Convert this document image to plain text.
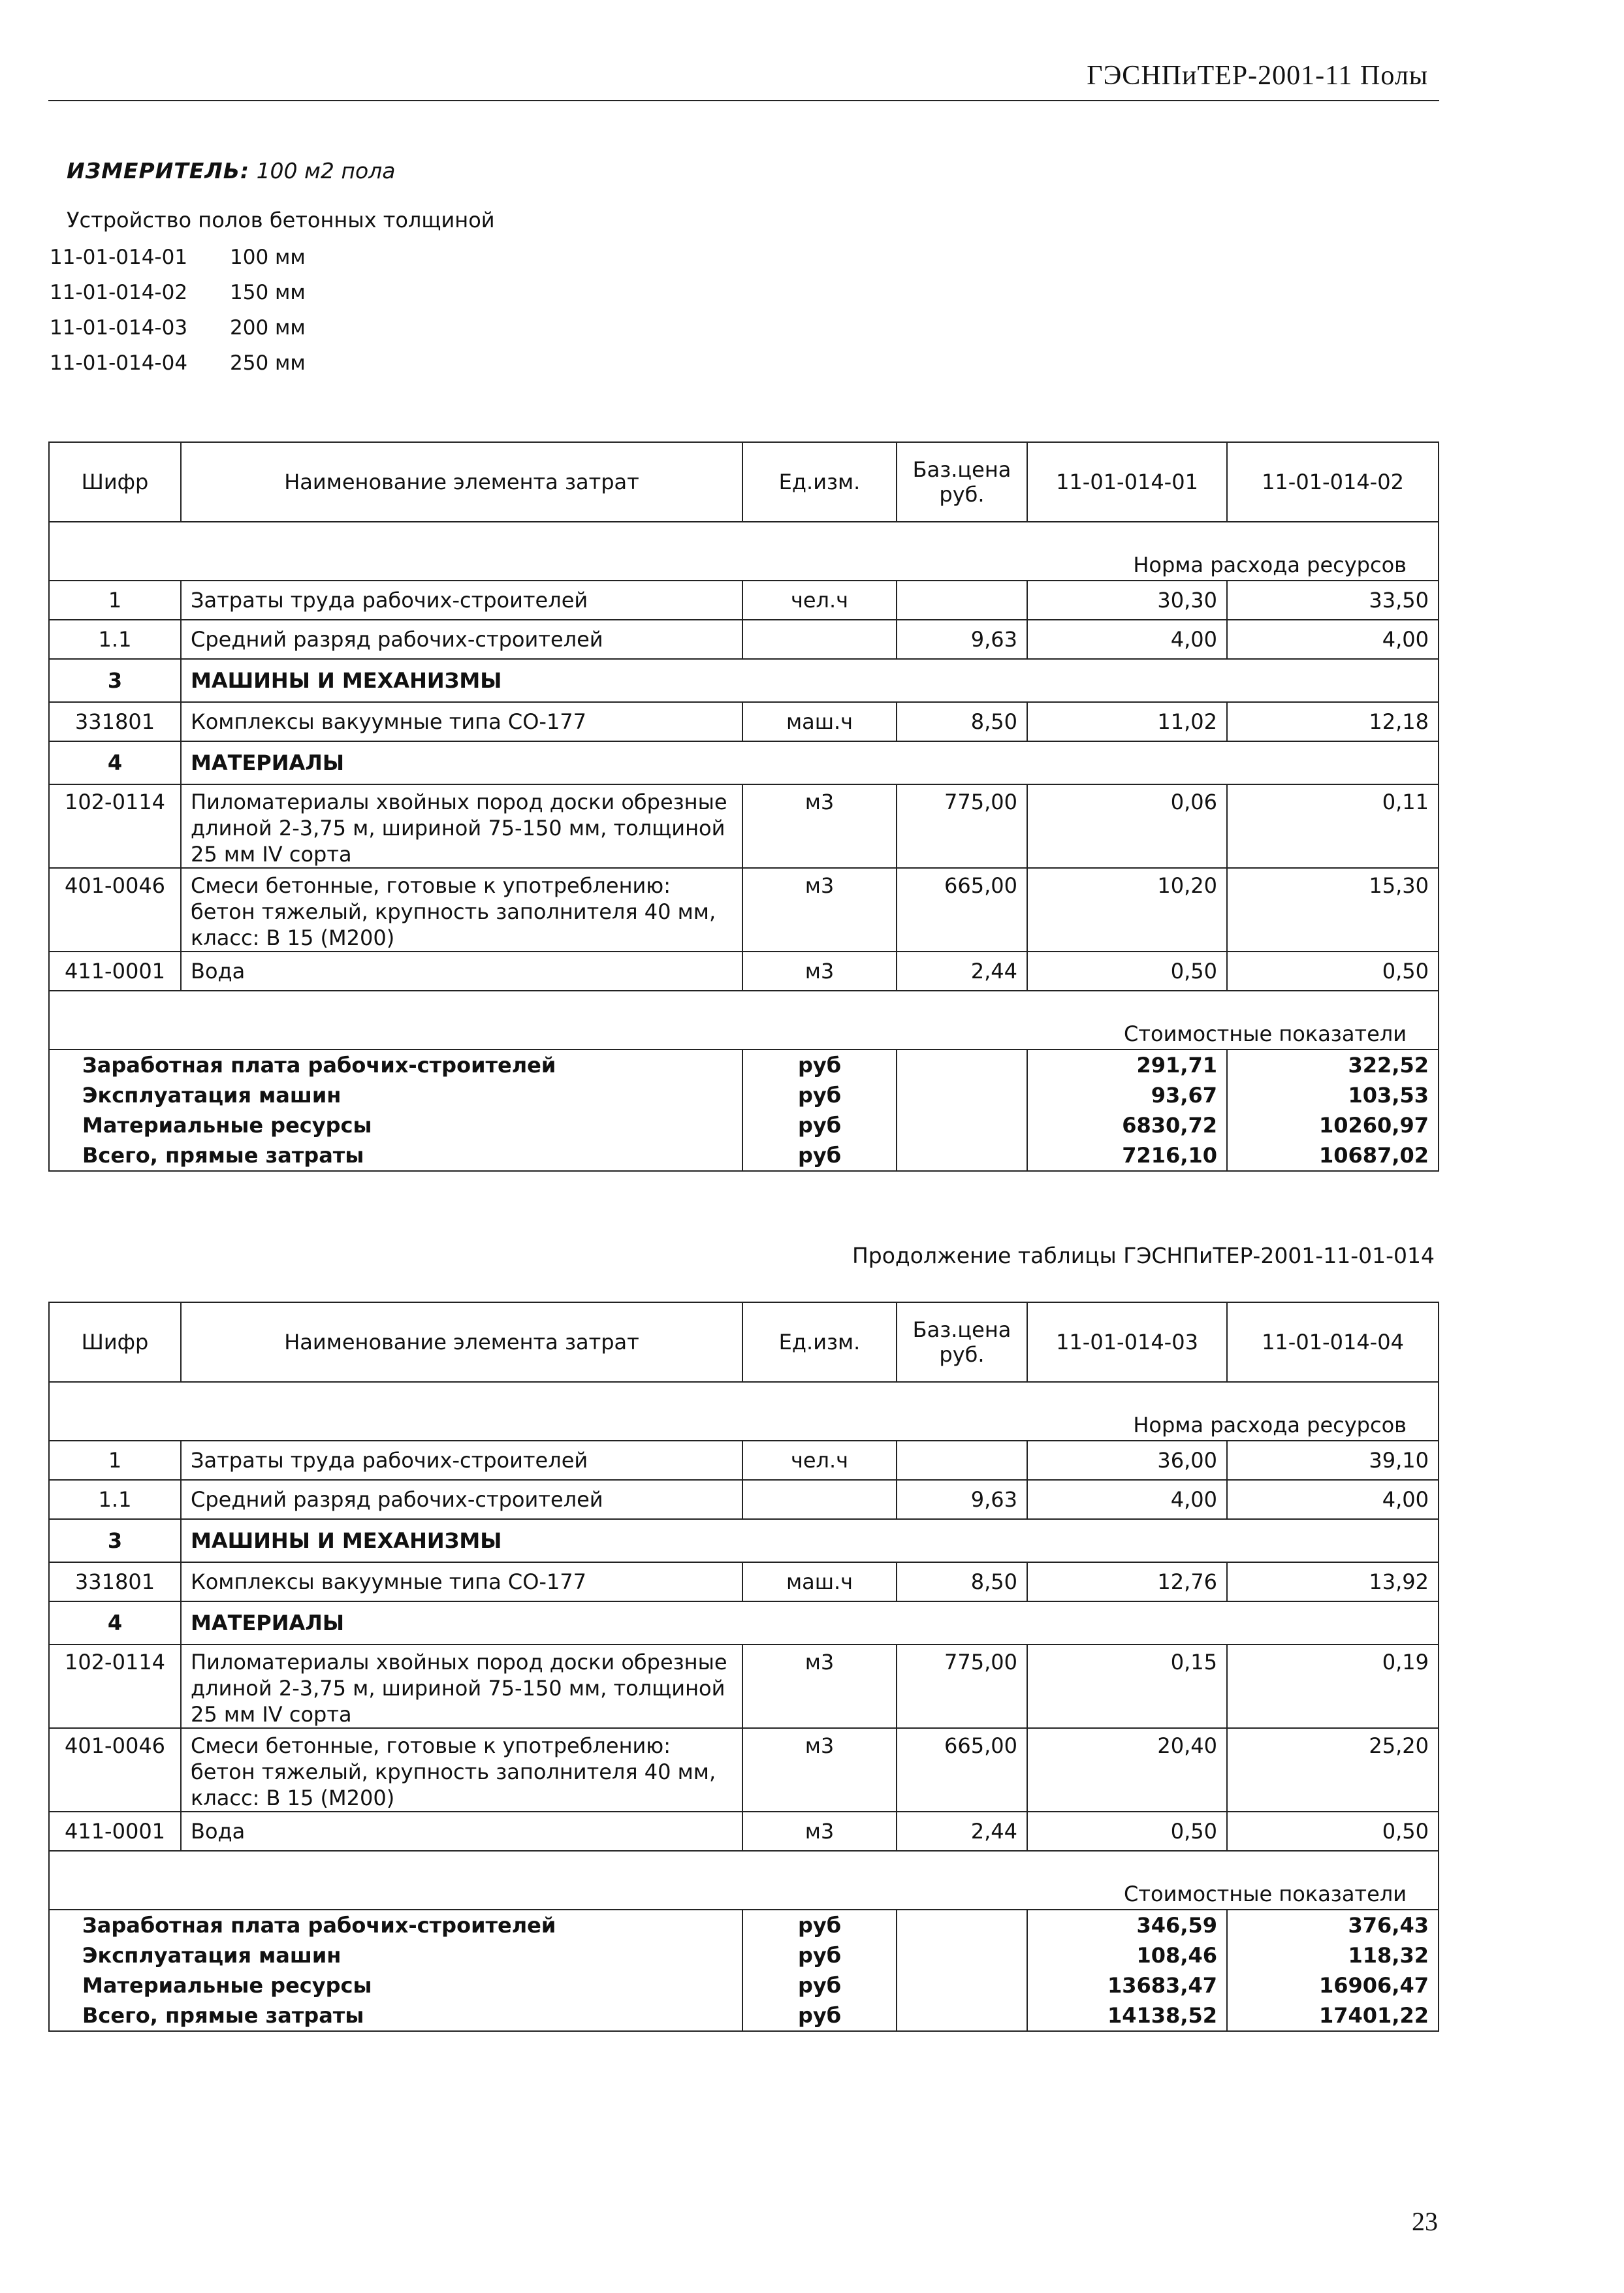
ГЭСНПиТЕР-2001-11 Полы
ИЗМЕРИТЕЛЬ: 100 м2 пола
Устройство полов бетонных толщиной
11-01-014-01	100 мм
11-01-014-02	150 мм
11-01-014-03	200 мм
11-01-014-04	250 мм
Шифр	Наименование элемента затрат	Ед.изм.	Баз.цена руб.	11-01-014-01	11-01-014-02
Норма расхода ресурсов					
1	Затраты труда рабочих-строителей	чел.ч		30,30	33,50
1.1	Средний разряд рабочих-строителей		9,63	4,00	4,00
3	МАШИНЫ И МЕХАНИЗМЫ				
331801	Комплексы вакуумные типа СО-177	маш.ч	8,50	11,02	12,18
4	МАТЕРИАЛЫ				
102-0114	Пиломатериалы хвойных пород доски обрезные длиной 2-3,75 м, шириной 75-150 мм, толщиной 25 мм IV сорта	м3	775,00	0,06	0,11
401-0046	Смеси бетонные, готовые к употреблению: бетон тяжелый, крупность заполнителя 40 мм, класс: В 15 (М200)	м3	665,00	10,20	15,30
411-0001	Вода	м3	2,44	0,50	0,50
Стоимостные показатели					
Заработная плата рабочих-строителей		руб		291,71	322,52
Эксплуатация машин		руб		93,67	103,53
Материальные ресурсы		руб		6830,72	10260,97
Всего, прямые затраты		руб		7216,10	10687,02
Продолжение таблицы ГЭСНПиТЕР-2001-11-01-014
Шифр	Наименование элемента затрат	Ед.изм.	Баз.цена руб.	11-01-014-03	11-01-014-04
Норма расхода ресурсов					
1	Затраты труда рабочих-строителей	чел.ч		36,00	39,10
1.1	Средний разряд рабочих-строителей		9,63	4,00	4,00
3	МАШИНЫ И МЕХАНИЗМЫ				
331801	Комплексы вакуумные типа СО-177	маш.ч	8,50	12,76	13,92
4	МАТЕРИАЛЫ				
102-0114	Пиломатериалы хвойных пород доски обрезные длиной 2-3,75 м, шириной 75-150 мм, толщиной 25 мм IV сорта	м3	775,00	0,15	0,19
401-0046	Смеси бетонные, готовые к употреблению: бетон тяжелый, крупность заполнителя 40 мм, класс: В 15 (М200)	м3	665,00	20,40	25,20
411-0001	Вода	м3	2,44	0,50	0,50
Стоимостные показатели					
Заработная плата рабочих-строителей		руб		346,59	376,43
Эксплуатация машин		руб		108,46	118,32
Материальные ресурсы		руб		13683,47	16906,47
Всего, прямые затраты		руб		14138,52	17401,22
23
